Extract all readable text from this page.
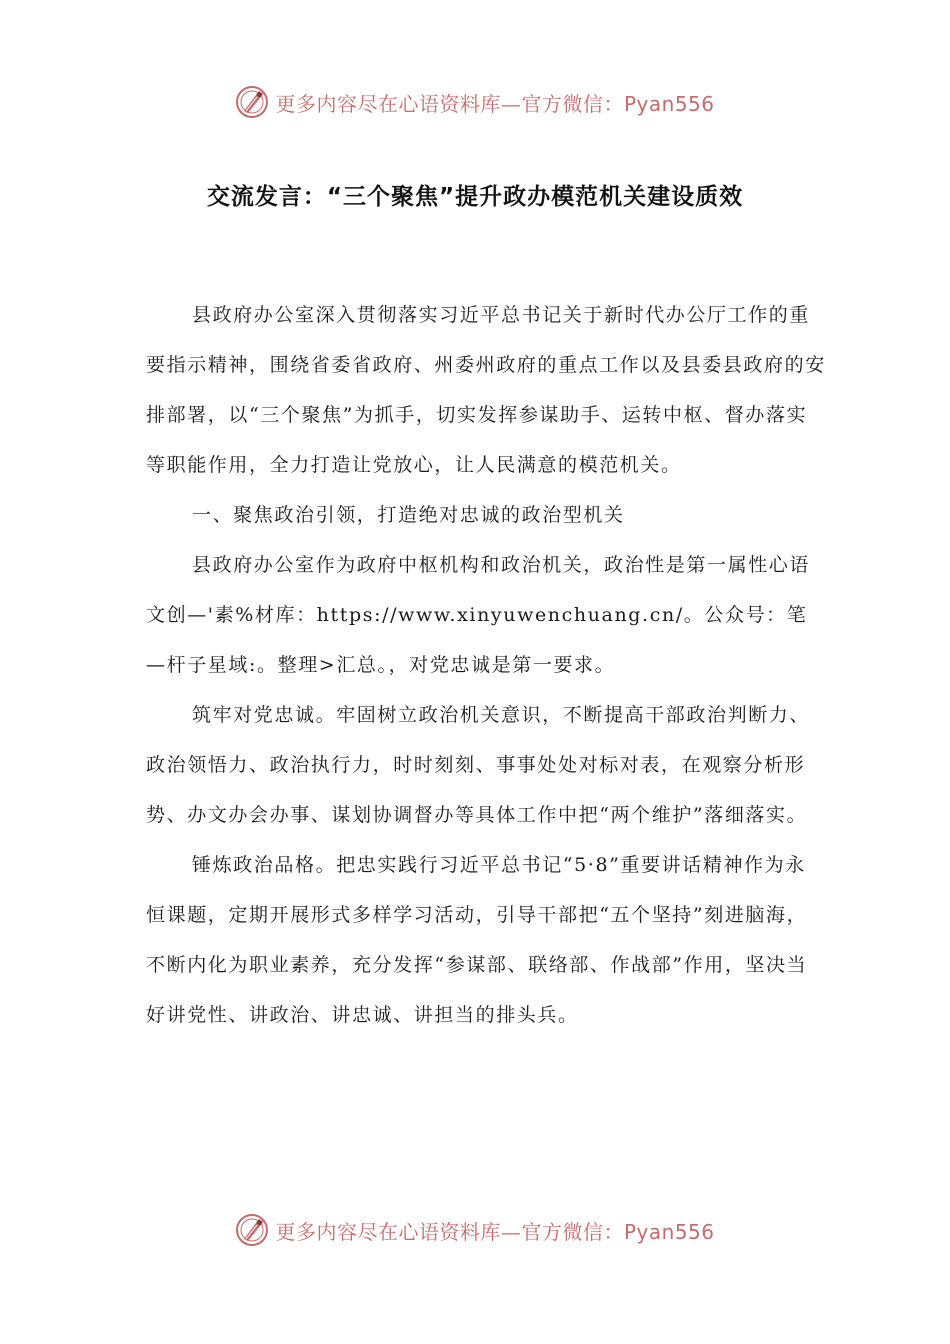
更多内容尽在心语资料库—官方微信：Pyan556
交流发言：“三个聚焦”提升政办模范机关建设质效

县政府办公室深入贯彻落实习近平总书记关于新时代办公厅工作的重要指示精神，围绕省委省政府、州委州政府的重点工作以及县委县政府的安排部署，以“三个聚焦”为抓手，切实发挥参谋助手、运转中枢、督办落实等职能作用，全力打造让党放心，让人民满意的模范机关。

一、聚焦政治引领，打造绝对忠诚的政治型机关

县政府办公室作为政府中枢机构和政治机关，政治性是第一属性心语文创—'素%材库：https://www.xinyuwenchuang.cn/。公众号：笔—杆子星域:。整理>汇总。，对党忠诚是第一要求。

筑牢对党忠诚。牢固树立政治机关意识，不断提高干部政治判断力、政治领悟力、政治执行力，时时刻刻、事事处处对标对表，在观察分析形势、办文办会办事、谋划协调督办等具体工作中把“两个维护”落细落实。

锤炼政治品格。把忠实践行习近平总书记“5·8”重要讲话精神作为永恒课题，定期开展形式多样学习活动，引导干部把“五个坚持”刻进脑海，不断内化为职业素养，充分发挥“参谋部、联络部、作战部”作用，坚决当好讲党性、讲政治、讲忠诚、讲担当的排头兵。

更多内容尽在心语资料库—官方微信：Pyan556
